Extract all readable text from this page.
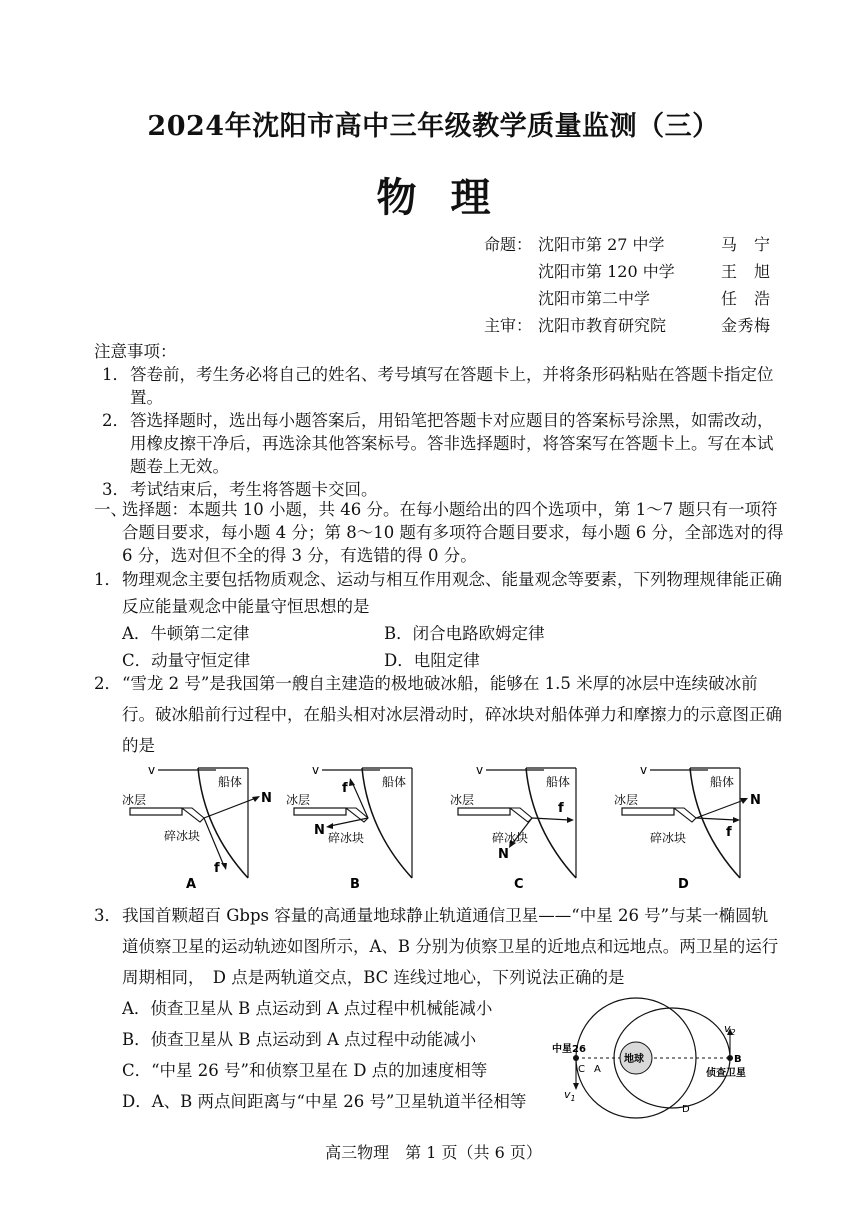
2024年沈阳市高中三年级教学质量监测（三）
物理
命题： 沈阳市第 27 中学	马　宁
沈阳市第 120 中学	王　旭
沈阳市第二中学	任　浩
主审： 沈阳市教育研究院	金秀梅
注意事项：
1． 答卷前，考生务必将自己的姓名、考号填写在答题卡上，并将条形码粘贴在答题卡指定位置。
2． 答选择题时，选出每小题答案后，用铅笔把答题卡对应题目的答案标号涂黑，如需改动，用橡皮擦干净后，再选涂其他答案标号。答非选择题时，将答案写在答题卡上。写在本试题卷上无效。
3． 考试结束后，考生将答题卡交回。
一、
选择题：本题共 10 小题，共 46 分。在每小题给出的四个选项中，第 1～7 题只有一项符合题目要求，每小题 4 分；第 8～10 题有多项符合题目要求，每小题 6 分，全部选对的得 6 分，选对但不全的得 3 分，有选错的得 0 分。
1． 物理观念主要包括物质观念、运动与相互作用观念、能量观念等要素，下列物理规律能正确反应能量观念中能量守恒思想的是
A．牛顿第二定律	B．闭合电路欧姆定律
C．动量守恒定律	D．电阻定律
2． “雪龙 2 号”是我国第一艘自主建造的极地破冰船，能够在 1.5 米厚的冰层中连续破冰前行。破冰船前行过程中，在船头相对冰层滑动时，碎冰块对船体弹力和摩擦力的示意图正确的是
v
船体
冰层	N
f
碎冰块
A
v
船体
冰层
f
N 碎冰块
B
v
船体
冰层
f
N
碎冰块
C
v
船体
冰层	N
f
碎冰块
D
3． 我国首颗超百 Gbps 容量的高通量地球静止轨道通信卫星——“中星 26 号”与某一椭圆轨道侦察卫星的运动轨迹如图所示，A、B 分别为侦察卫星的近地点和远地点。两卫星的运行周期相同，　D 点是两轨道交点，BC 连线过地心，下列说法正确的是
A．侦查卫星从 B 点运动到 A 点过程中机械能减小
B．侦查卫星从 B 点运动到 A 点过程中动能减小
C．“中星 26 号”和侦察卫星在 D 点的加速度相等
D．A、B 两点间距离与“中星 26 号”卫星轨道半径相等
地球
中星26
C A
B
侦查卫星
D
$v_1$
$v_2$
高三物理　第 1 页（共 6 页）
